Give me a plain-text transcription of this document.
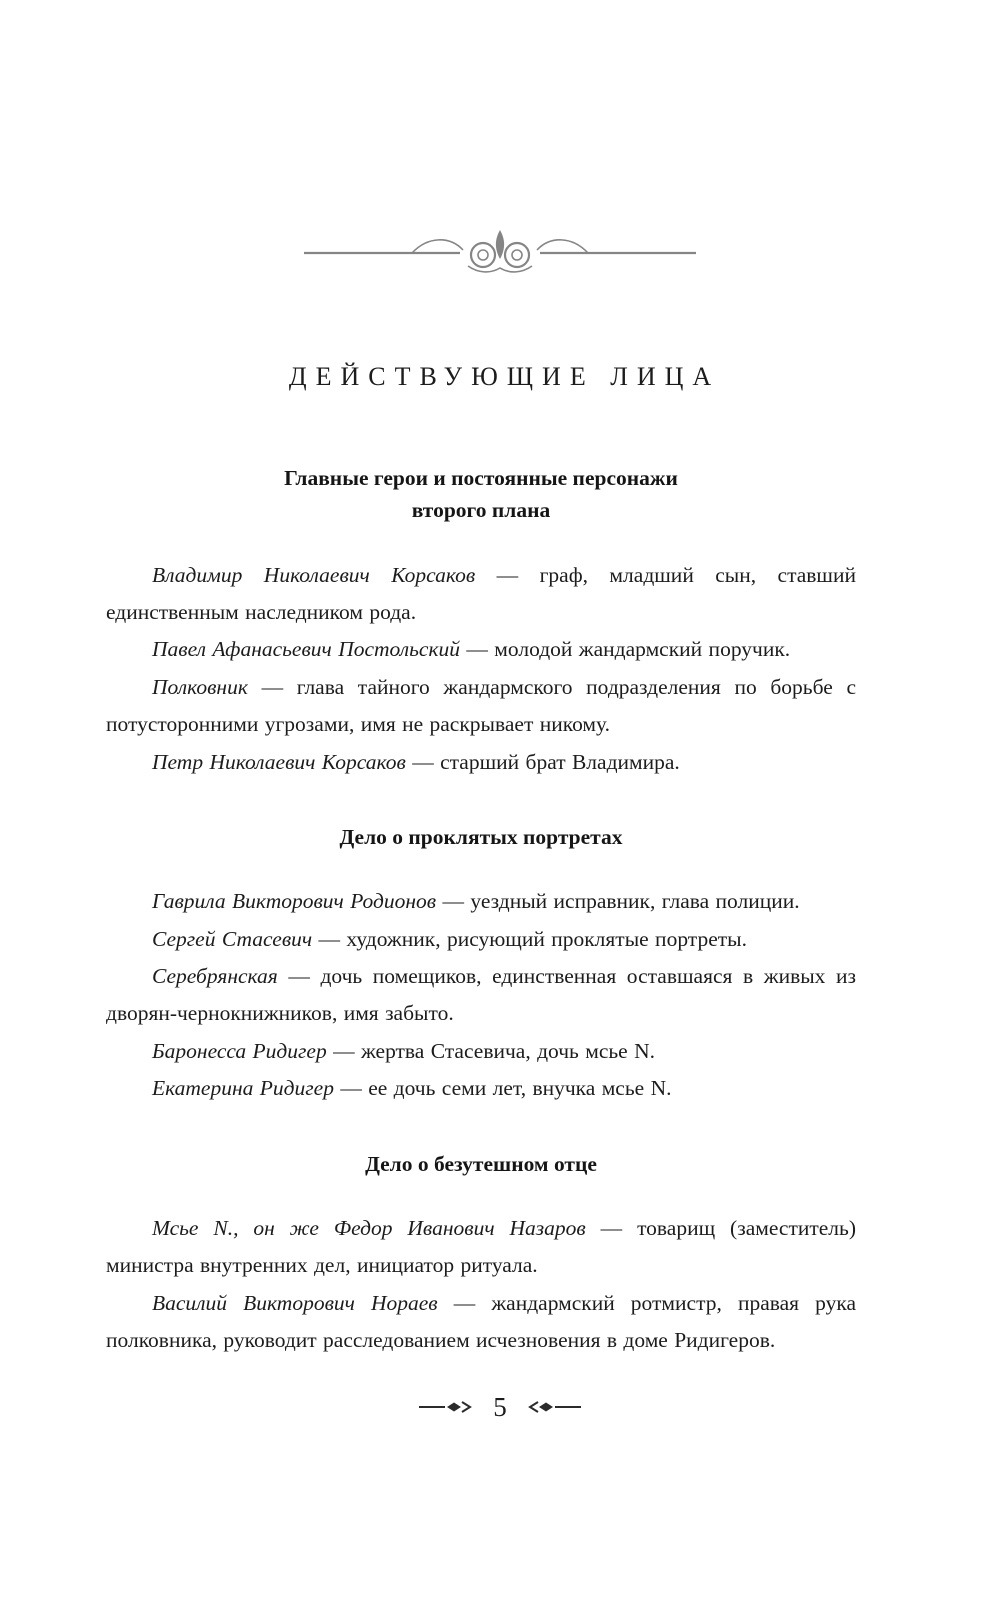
ДЕЙСТВУЮЩИЕ ЛИЦА
Главные герои и постоянные персонажи второго плана

Владимир Николаевич Корсаков — граф, младший сын, ставший единственным наследником рода.

Павел Афанасьевич Постольский — молодой жандармский поручик.

Полковник — глава тайного жандармского подразделения по борьбе с потусторонними угрозами, имя не раскрывает никому.

Петр Николаевич Корсаков — старший брат Владимира.

Дело о проклятых портретах

Гаврила Викторович Родионов — уездный исправник, глава полиции.

Сергей Стасевич — художник, рисующий проклятые портреты.

Серебрянская — дочь помещиков, единственная оставшаяся в живых из дворян-чернокнижников, имя забыто.

Баронесса Ридигер — жертва Стасевича, дочь мсье N.

Екатерина Ридигер — ее дочь семи лет, внучка мсье N.

Дело о безутешном отце

Мсье N., он же Федор Иванович Назаров — товарищ (заместитель) министра внутренних дел, инициатор ритуала.

Василий Викторович Нораев — жандармский ротмистр, правая рука полковника, руководит расследованием исчезновения в доме Ридигеров.

5
